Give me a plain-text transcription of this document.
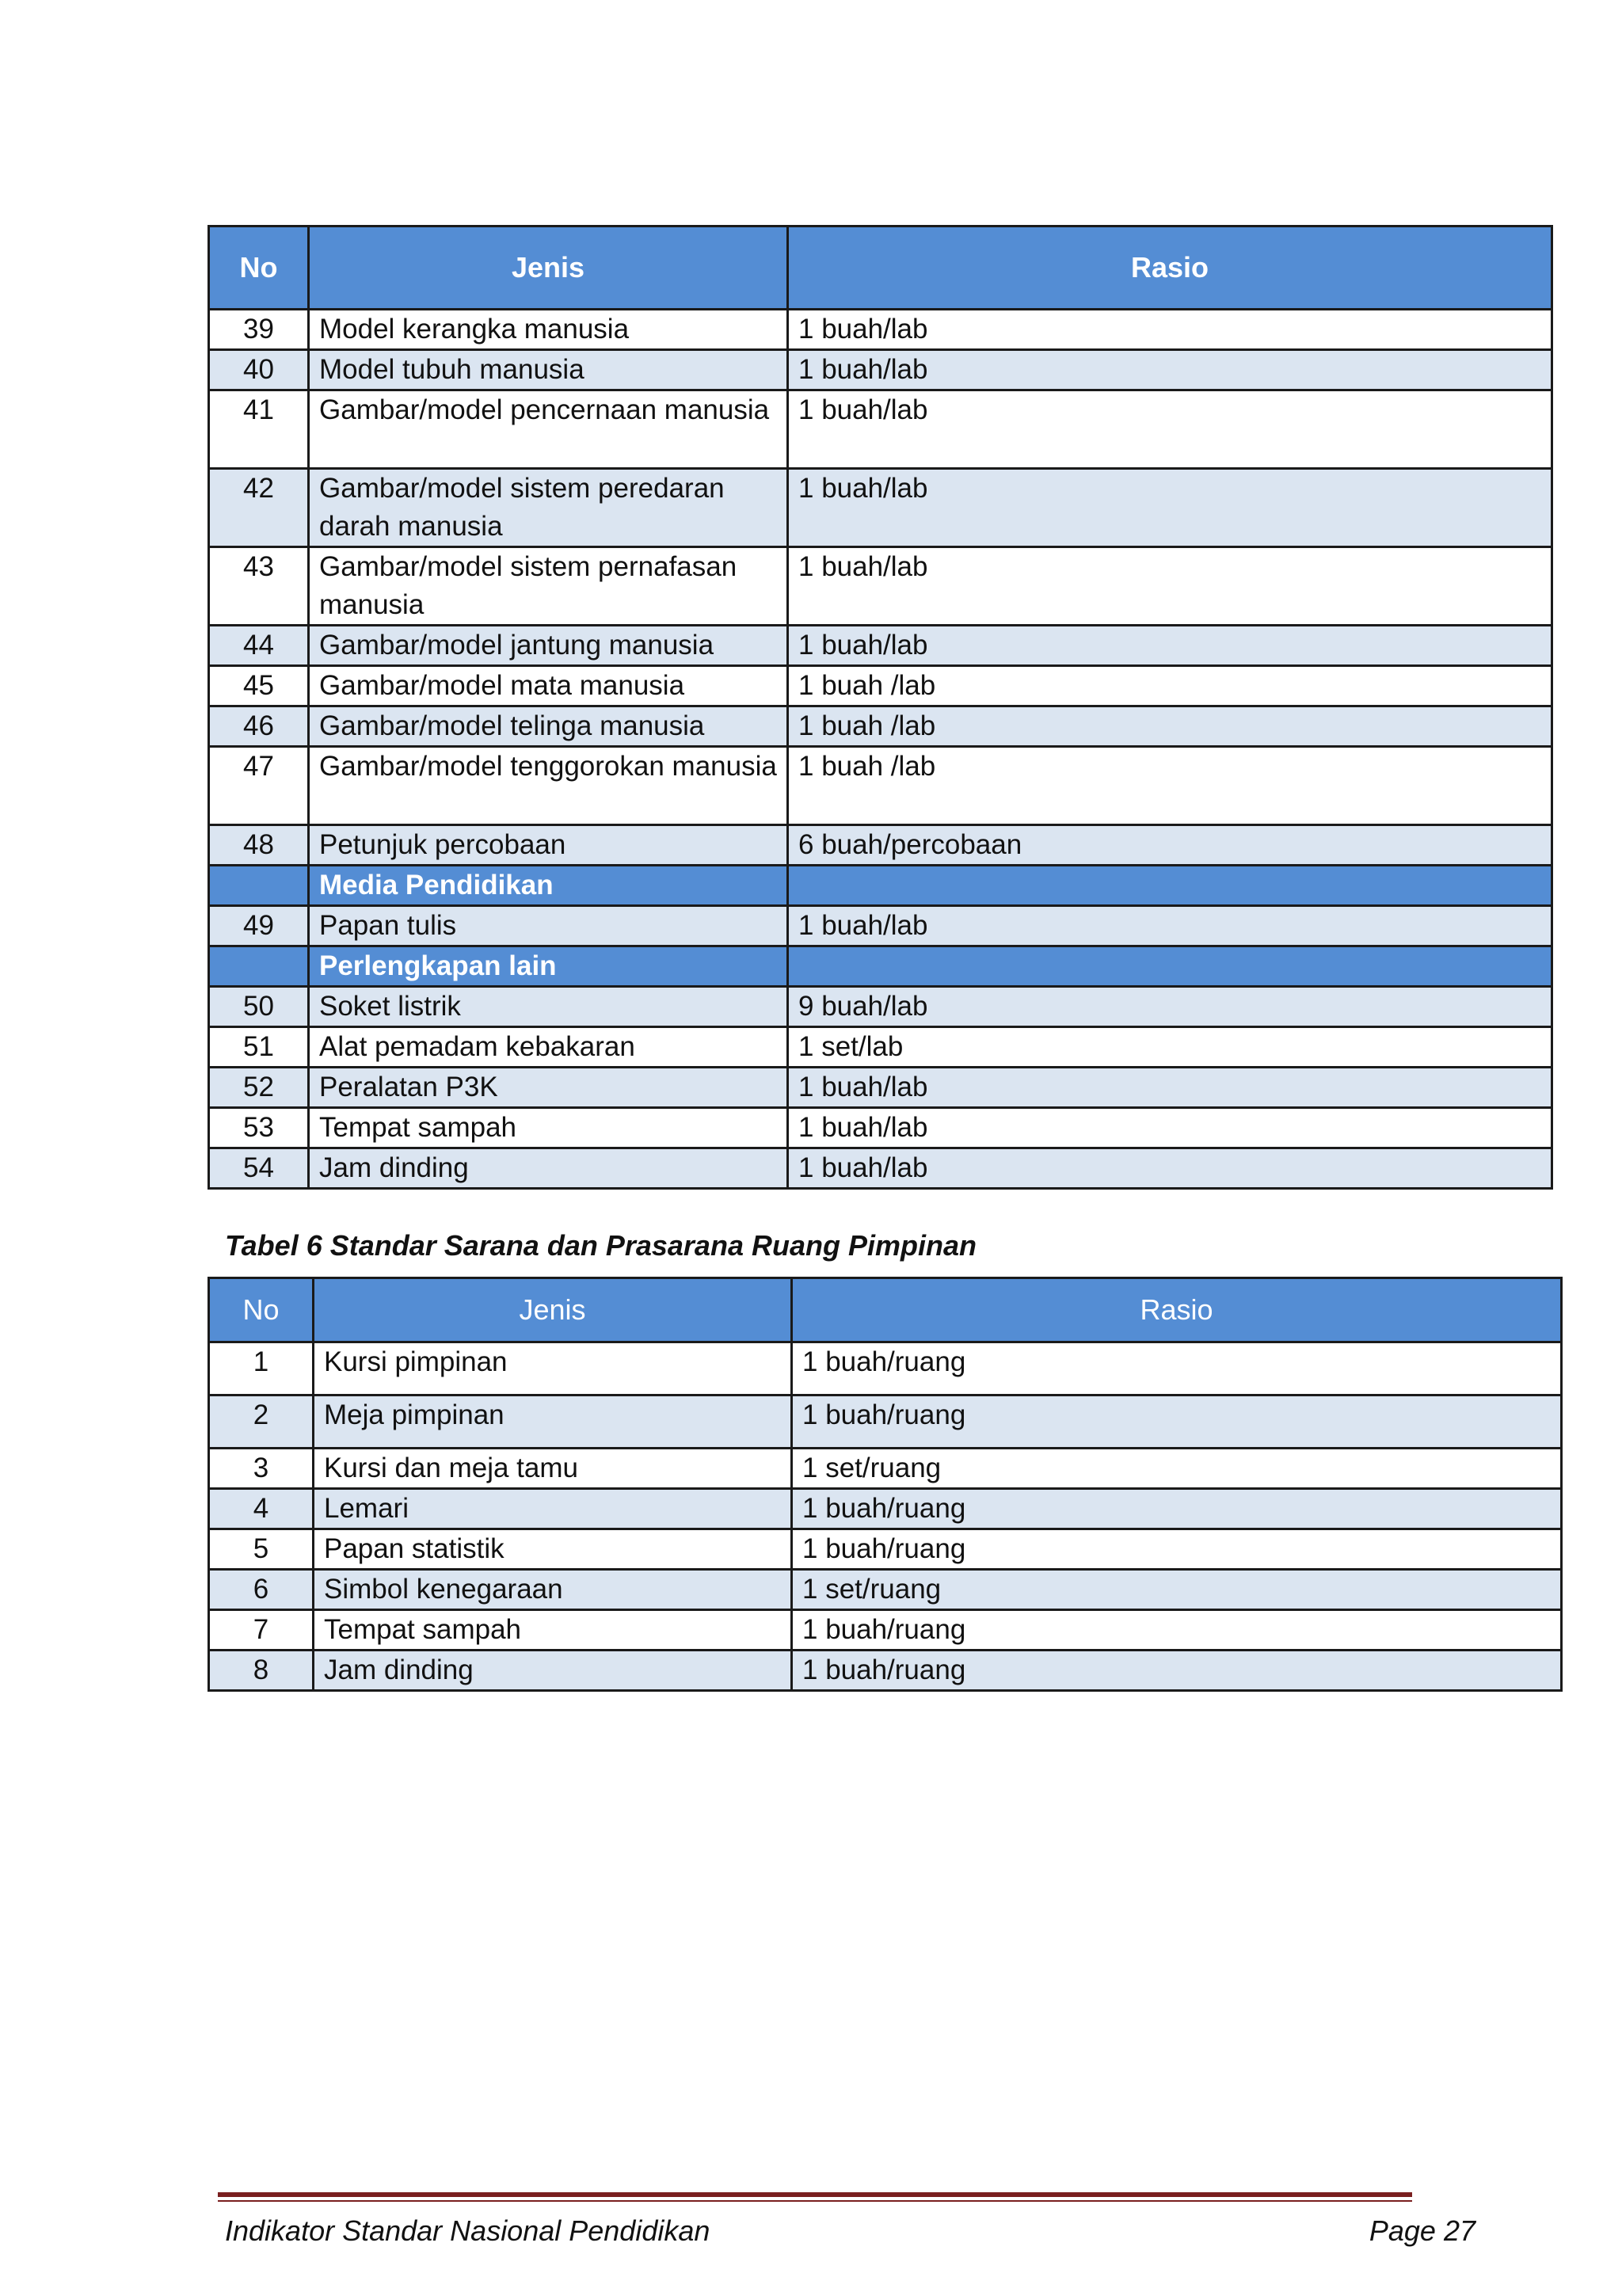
No	Jenis	Rasio
39	Model kerangka manusia	1 buah/lab
40	Model tubuh manusia	1 buah/lab
41	Gambar/model pencernaan manusia	1 buah/lab
42	Gambar/model sistem peredaran darah manusia	1 buah/lab
43	Gambar/model sistem pernafasan manusia	1 buah/lab
44	Gambar/model jantung manusia	1 buah/lab
45	Gambar/model mata manusia	1 buah /lab
46	Gambar/model telinga manusia	1 buah /lab
47	Gambar/model tenggorokan manusia	1 buah /lab
48	Petunjuk percobaan	6 buah/percobaan
	Media Pendidikan	
49	Papan tulis	1 buah/lab
	Perlengkapan lain	
50	Soket listrik	9 buah/lab
51	Alat pemadam kebakaran	1 set/lab
52	Peralatan P3K	1 buah/lab
53	Tempat sampah	1 buah/lab
54	Jam dinding	1 buah/lab
Tabel 6 Standar Sarana dan Prasarana Ruang Pimpinan
No	Jenis	Rasio
1	Kursi pimpinan	1 buah/ruang
2	Meja pimpinan	1 buah/ruang
3	Kursi dan meja tamu	1 set/ruang
4	Lemari	1 buah/ruang
5	Papan statistik	1 buah/ruang
6	Simbol kenegaraan	1 set/ruang
7	Tempat sampah	1 buah/ruang
8	Jam dinding	1 buah/ruang
Indikator Standar Nasional Pendidikan	Page 27
